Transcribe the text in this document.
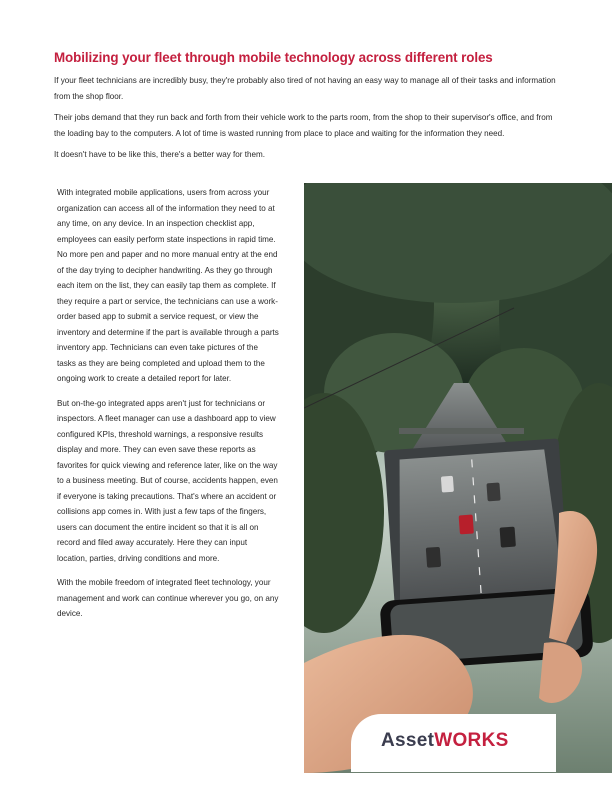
Mobilizing your fleet through mobile technology across different roles

If your fleet technicians are incredibly busy, they're probably also tired of not having an easy way to manage all of their tasks and information from the shop floor.

Their jobs demand that they run back and forth from their vehicle work to the parts room, from the shop to their supervisor's office, and from the loading bay to the computers. A lot of time is wasted running from place to place and waiting for the information they need.

It doesn't have to be like this, there's a better way for them.

With integrated mobile applications, users from across your organization can access all of the information they need to at any time, on any device. In an inspection checklist app, employees can easily perform state inspections in rapid time. No more pen and paper and no more manual entry at the end of the day trying to decipher handwriting. As they go through each item on the list, they can easily tap them as complete. If they require a part or service, the technicians can use a work-order based app to submit a service request, or view the inventory and determine if the part is available through a parts inventory app. Technicians can even take pictures of the tasks as they are being completed and upload them to the ongoing work to create a detailed report for later.

But on-the-go integrated apps aren't just for technicians or inspectors. A fleet manager can use a dashboard app to view configured KPIs, threshold warnings, a responsive results display and more. They can even save these reports as favorites for quick viewing and reference later, like on the way to a business meeting. But of course, accidents happen, even if everyone is taking precautions. That's where an accident or collisions app comes in. With just a few taps of the fingers, users can document the entire incident so that it is all on record and filed away accurately. Here they can input location, parties, driving conditions and more.

With the mobile freedom of integrated fleet technology, your management and work can continue wherever you go, on any device.

AssetWORKS
